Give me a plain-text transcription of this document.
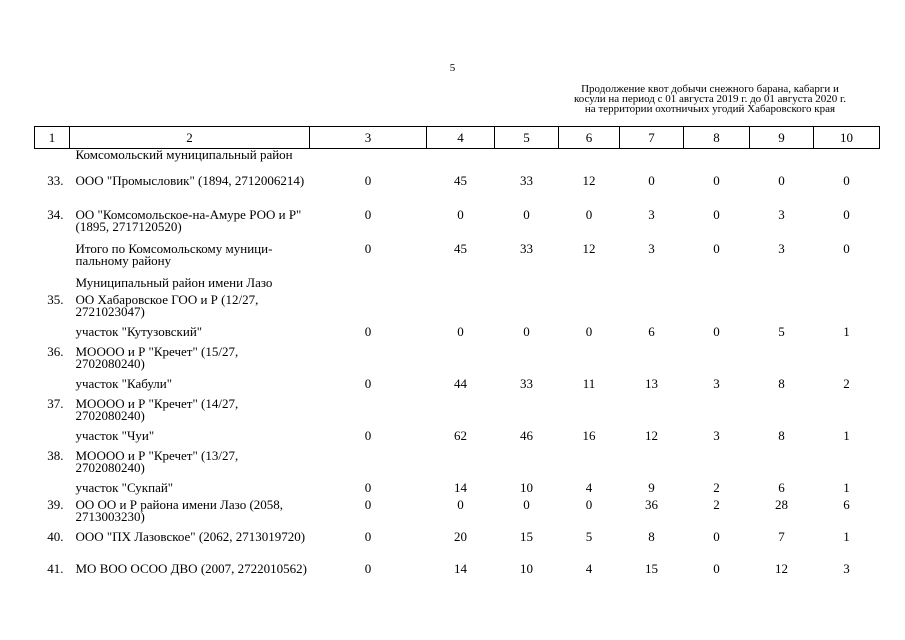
5
Продолжение квот добычи снежного барана, кабарги и
косули на период с 01 августа 2019 г. до 01 августа 2020 г.
на территории охотничьих угодий Хабаровского края
1	2	3	4	5	6	7	8	9	10
	Комсомольский муниципальный район								
33.	ООО "Промысловик" (1894, 2712006214)	0	45	33	12	0	0	0	0
34.	ОО "Комсомольское-на-Амуре РОО и Р" (1895, 2717120520)	0	0	0	0	3	0	3	0
	Итого по Комсомольскому муници-пальному району	0	45	33	12	3	0	3	0
	Муниципальный район имени Лазо								
35.	ОО Хабаровское ГОО и Р (12/27, 2721023047)								
	участок "Кутузовский"	0	0	0	0	6	0	5	1
36.	МОООО и Р "Кречет" (15/27, 2702080240)								
	участок "Кабули"	0	44	33	11	13	3	8	2
37.	МОООО и Р "Кречет" (14/27, 2702080240)								
	участок "Чуи"	0	62	46	16	12	3	8	1
38.	МОООО и Р "Кречет" (13/27, 2702080240)								
	участок "Сукпай"	0	14	10	4	9	2	6	1
39.	ОО ОО и Р района имени Лазо (2058, 2713003230)	0	0	0	0	36	2	28	6
40.	ООО "ПХ Лазовское" (2062, 2713019720)	0	20	15	5	8	0	7	1
41.	МО ВОО ОСОО ДВО (2007, 2722010562)	0	14	10	4	15	0	12	3
